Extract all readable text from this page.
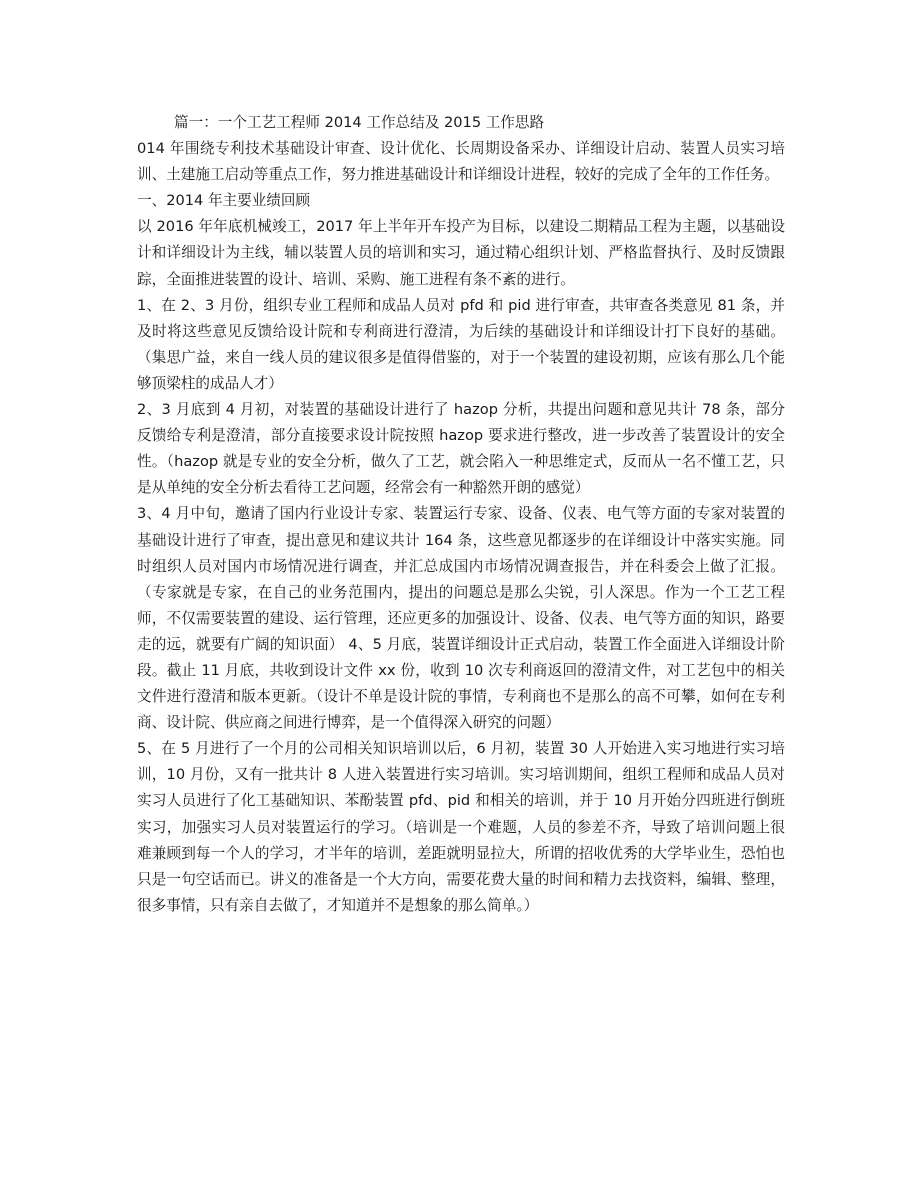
篇一：一个工艺工程师 2014 工作总结及 2015 工作思路

014 年围绕专利技术基础设计审查、设计优化、长周期设备采办、详细设计启动、装置人员实习培训、土建施工启动等重点工作，努力推进基础设计和详细设计进程，较好的完成了全年的工作任务。

一、2014 年主要业绩回顾

以 2016 年年底机械竣工，2017 年上半年开车投产为目标，以建设二期精品工程为主题，以基础设计和详细设计为主线，辅以装置人员的培训和实习，通过精心组织计划、严格监督执行、及时反馈跟踪，全面推进装置的设计、培训、采购、施工进程有条不紊的进行。

1、在 2、3 月份，组织专业工程师和成品人员对 pfd 和 pid 进行审查，共审查各类意见 81 条，并及时将这些意见反馈给设计院和专利商进行澄清，为后续的基础设计和详细设计打下良好的基础。（集思广益，来自一线人员的建议很多是值得借鉴的，对于一个装置的建设初期，应该有那么几个能够顶梁柱的成品人才）

2、3 月底到 4 月初，对装置的基础设计进行了 hazop 分析，共提出问题和意见共计 78 条，部分反馈给专利是澄清，部分直接要求设计院按照 hazop 要求进行整改，进一步改善了装置设计的安全性。（hazop 就是专业的安全分析，做久了工艺，就会陷入一种思维定式，反而从一名不懂工艺，只是从单纯的安全分析去看待工艺问题，经常会有一种豁然开朗的感觉）

3、4 月中旬，邀请了国内行业设计专家、装置运行专家、设备、仪表、电气等方面的专家对装置的基础设计进行了审查，提出意见和建议共计 164 条，这些意见都逐步的在详细设计中落实实施。同时组织人员对国内市场情况进行调查，并汇总成国内市场情况调查报告，并在科委会上做了汇报。（专家就是专家，在自己的业务范围内，提出的问题总是那么尖锐，引人深思。作为一个工艺工程师，不仅需要装置的建设、运行管理，还应更多的加强设计、设备、仪表、电气等方面的知识，路要走的远，就要有广阔的知识面） 4、5 月底，装置详细设计正式启动，装置工作全面进入详细设计阶段。截止 11 月底，共收到设计文件 xx 份，收到 10 次专利商返回的澄清文件，对工艺包中的相关文件进行澄清和版本更新。（设计不单是设计院的事情，专利商也不是那么的高不可攀，如何在专利商、设计院、供应商之间进行博弈，是一个值得深入研究的问题）

5、在 5 月进行了一个月的公司相关知识培训以后，6 月初，装置 30 人开始进入实习地进行实习培训，10 月份，又有一批共计 8 人进入装置进行实习培训。实习培训期间，组织工程师和成品人员对实习人员进行了化工基础知识、苯酚装置 pfd、pid 和相关的培训，并于 10 月开始分四班进行倒班实习，加强实习人员对装置运行的学习。（培训是一个难题，人员的参差不齐，导致了培训问题上很难兼顾到每一个人的学习，才半年的培训，差距就明显拉大，所谓的招收优秀的大学毕业生，恐怕也只是一句空话而已。讲义的准备是一个大方向，需要花费大量的时间和精力去找资料，编辑、整理，很多事情，只有亲自去做了，才知道并不是想象的那么简单。）
